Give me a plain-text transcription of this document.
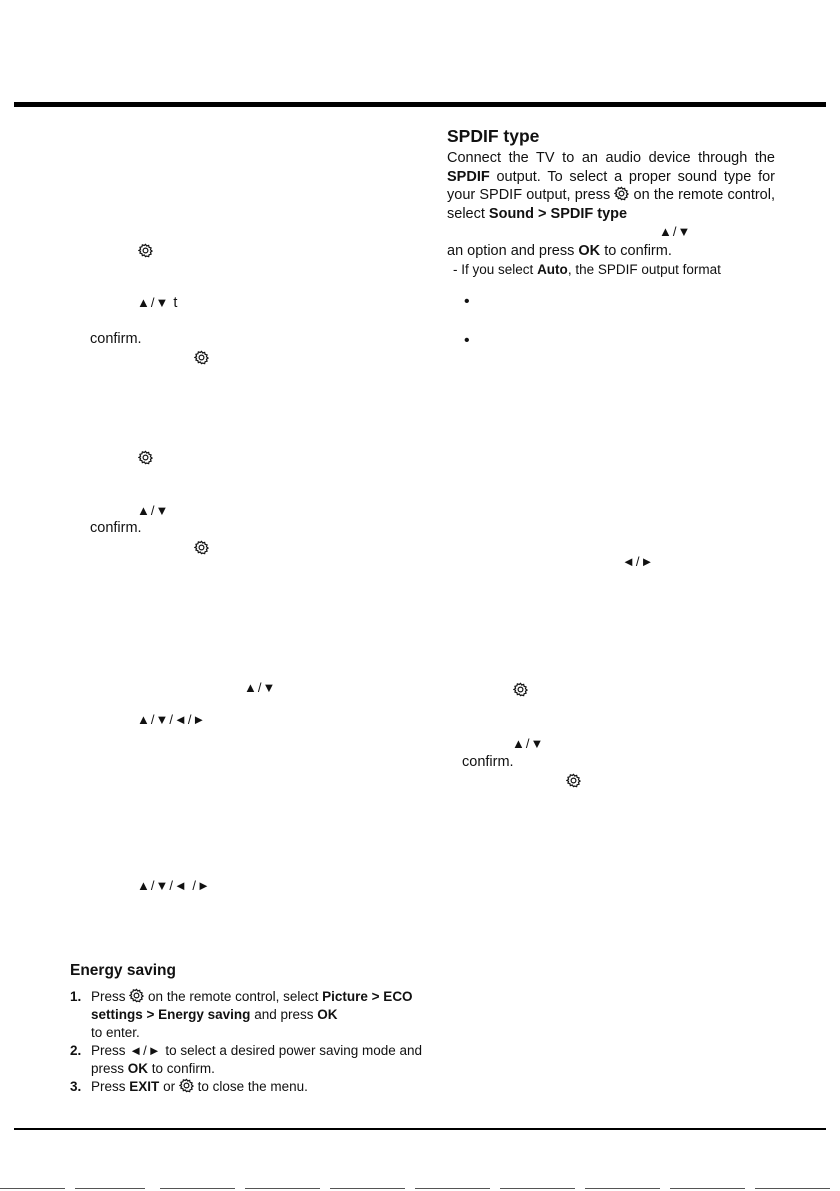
▲/▼ t
confirm.
▲/▼
confirm.
▲/▼
▲/▼/◄/►
▲/▼/◄ /►
SPDIF type

Connect the TV to an audio device through the SPDIF output. To select a proper sound type for your SPDIF output, press on the remote control, select Sound > SPDIF type
▲/▼
an option and press OK to confirm.

- If you select Auto, the SPDIF output format
•
•
◄/►
▲/▼
confirm.
Energy saving
1. Press on the remote control, select Picture > ECO settings > Energy saving and press OK
to enter.
2. Press ◄/► to select a desired power saving mode and press OK to confirm.
3. Press EXIT or to close the menu.
